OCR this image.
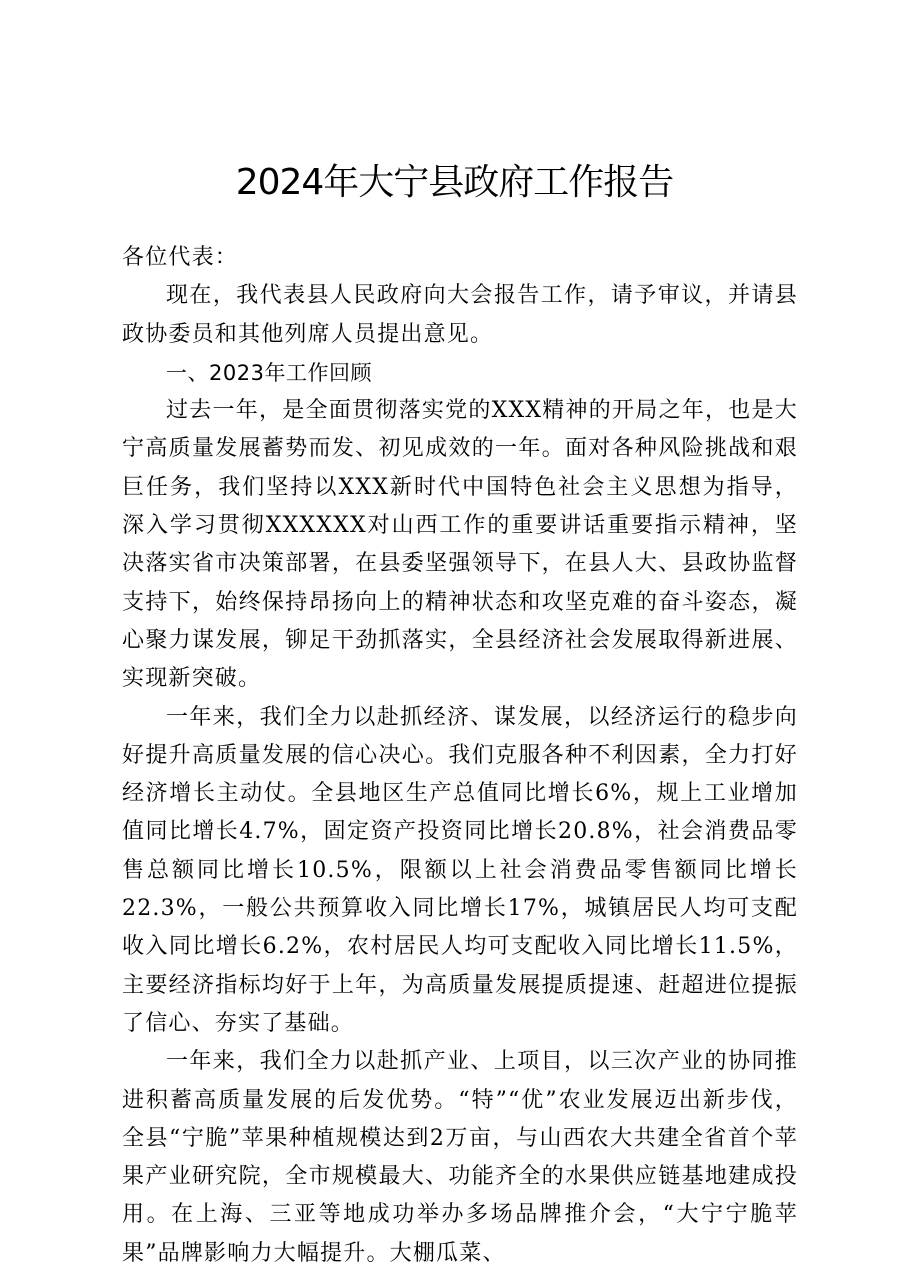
2024年大宁县政府工作报告

各位代表：

现在，我代表县人民政府向大会报告工作，请予审议，并请县政协委员和其他列席人员提出意见。

一、2023年工作回顾

过去一年，是全面贯彻落实党的XXX精神的开局之年，也是大宁高质量发展蓄势而发、初见成效的一年。面对各种风险挑战和艰巨任务，我们坚持以XXX新时代中国特色社会主义思想为指导，深入学习贯彻XXXXXX对山西工作的重要讲话重要指示精神，坚决落实省市决策部署，在县委坚强领导下，在县人大、县政协监督支持下，始终保持昂扬向上的精神状态和攻坚克难的奋斗姿态，凝心聚力谋发展，铆足干劲抓落实，全县经济社会发展取得新进展、实现新突破。

一年来，我们全力以赴抓经济、谋发展，以经济运行的稳步向好提升高质量发展的信心决心。我们克服各种不利因素，全力打好经济增长主动仗。全县地区生产总值同比增长6%，规上工业增加值同比增长4.7%，固定资产投资同比增长20.8%，社会消费品零售总额同比增长10.5%，限额以上社会消费品零售额同比增长22.3%，一般公共预算收入同比增长17%，城镇居民人均可支配收入同比增长6.2%，农村居民人均可支配收入同比增长11.5%，主要经济指标均好于上年，为高质量发展提质提速、赶超进位提振了信心、夯实了基础。

一年来，我们全力以赴抓产业、上项目，以三次产业的协同推进积蓄高质量发展的后发优势。“特”“优”农业发展迈出新步伐，全县“宁脆”苹果种植规模达到2万亩，与山西农大共建全省首个苹果产业研究院，全市规模最大、功能齐全的水果供应链基地建成投用。在上海、三亚等地成功举办多场品牌推介会，“大宁宁脆苹果”品牌影响力大幅提升。大棚瓜菜、
